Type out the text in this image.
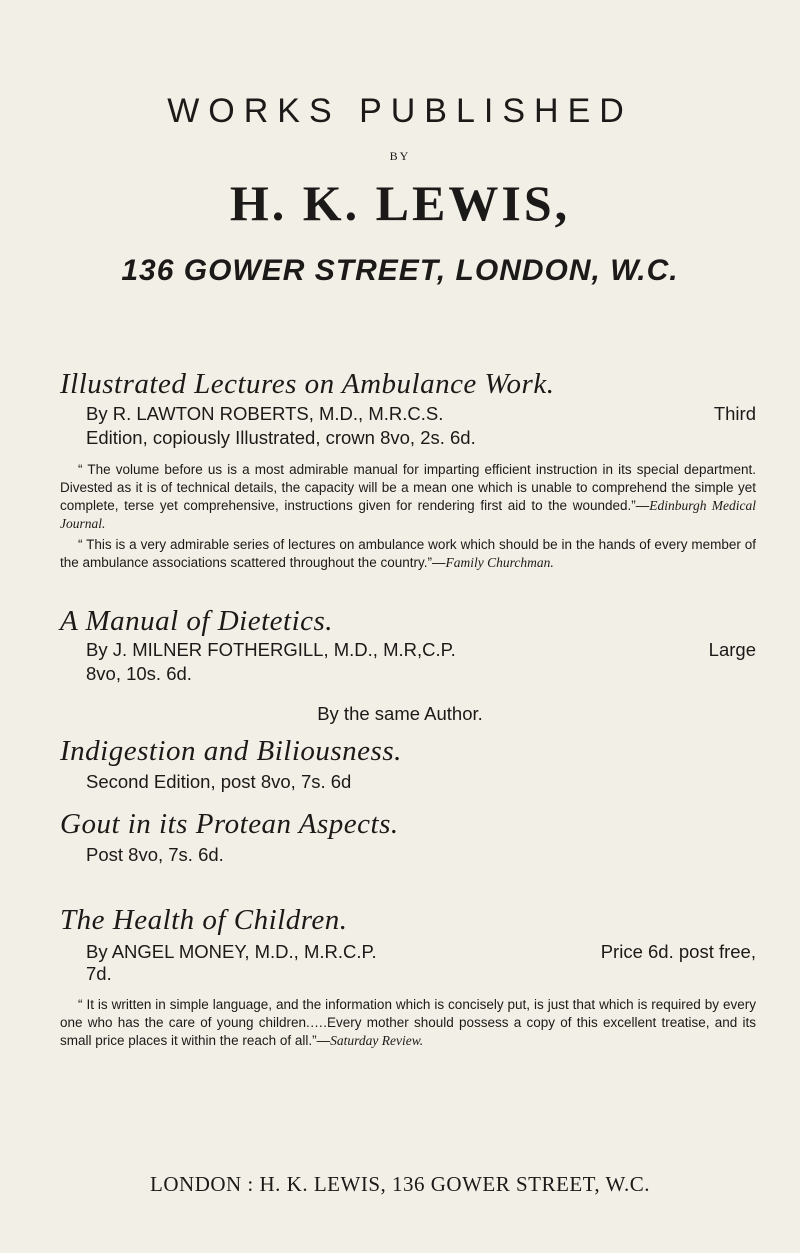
WORKS PUBLISHED
BY
H. K. LEWIS,
136 GOWER STREET, LONDON, W.C.
Illustrated Lectures on Ambulance Work.
Third
By R. LAWTON ROBERTS, M.D., M.R.C.S.
Edition, copiously Illustrated, crown 8vo, 2s. 6d.
“ The volume before us is a most admirable manual for imparting efficient instruction in its special department. Divested as it is of technical details, the capacity will be a mean one which is unable to comprehend the simple yet complete, terse yet comprehensive, instructions given for rendering first aid to the wounded.”—Edinburgh Medical Journal.
“ This is a very admirable series of lectures on ambulance work which should be in the hands of every member of the ambulance associations scattered throughout the country.”—Family Churchman.
A Manual of Dietetics.
Large
By J. MILNER FOTHERGILL, M.D., M.R,C.P.
8vo, 10s. 6d.
By the same Author.
Indigestion and Biliousness.
Second Edition, post 8vo, 7s. 6d
Gout in its Protean Aspects.
Post 8vo, 7s. 6d.
The Health of Children.
Price 6d. post free,
By ANGEL MONEY, M.D., M.R.C.P.
7d.
“ It is written in simple language, and the information which is concisely put, is just that which is required by every one who has the care of young children.….Every mother should possess a copy of this excellent treatise, and its small price places it within the reach of all.”—Saturday Review.
LONDON : H. K. LEWIS, 136 GOWER STREET, W.C.
